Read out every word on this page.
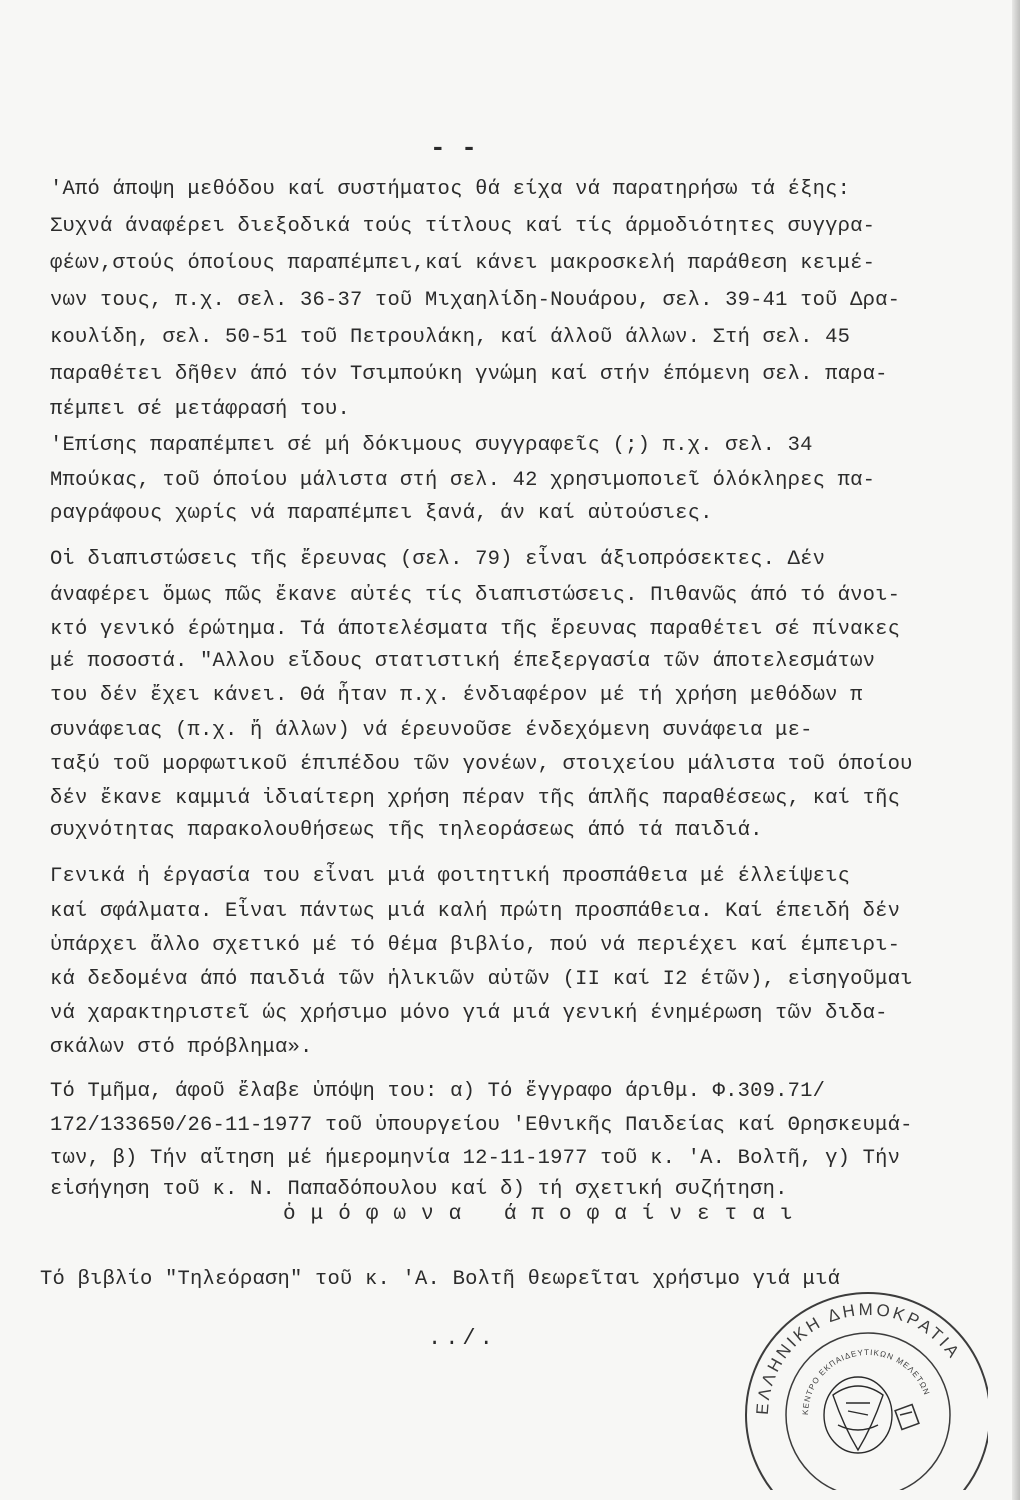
- -
'Από άποψη μεθόδου καί συστήματος θά είχα νά παρατηρήσω τά έξης:
Συχνά άναφέρει διεξοδικά τούς τίτλους καί τίς άρμοδιότητες συγγρα-
φέων,στούς όποίους παραπέμπει,καί κάνει μακροσκελή παράθεση κειμέ-
νων τους, π.χ. σελ. 36-37 τοῦ Μιχαηλίδη-Νουάρου, σελ. 39-41 τοῦ Δρα-
κουλίδη, σελ. 50-51 τοῦ Πετρουλάκη, καί άλλοῦ άλλων. Στή σελ. 45
παραθέτει δῆθεν άπό τόν Τσιμπούκη γνώμη καί στήν έπόμενη σελ. παρα-
πέμπει σέ μετάφρασή του.
'Επίσης παραπέμπει σέ μή δόκιμους συγγραφεῖς (;) π.χ. σελ. 34
Μπούκας, τοῦ όποίου μάλιστα στή σελ. 42 χρησιμοποιεῖ όλόκληρες πα-
ραγράφους χωρίς νά παραπέμπει ξανά, άν καί αὐτούσιες.
Οἱ διαπιστώσεις τῆς ἔρευνας (σελ. 79) εἶναι άξιοπρόσεκτες. Δέν
άναφέρει ὅμως πῶς ἔκανε αὐτές τίς διαπιστώσεις. Πιθανῶς άπό τό άνοι-
κτό γενικό έρώτημα. Τά άποτελέσματα τῆς ἔρευνας παραθέτει σέ πίνακες
μέ ποσοστά. "Αλλου εἴδους στατιστική έπεξεργασία τῶν άποτελεσμάτων
του δέν ἔχει κάνει. Θά ἦταν π.χ. ένδιαφέρον μέ τή χρήση μεθόδων π
συνάφειας (π.χ. ἤ άλλων) νά έρευνοῦσε ένδεχόμενη συνάφεια με-
ταξύ τοῦ μορφωτικοῦ έπιπέδου τῶν γονέων, στοιχείου μάλιστα τοῦ όποίου
δέν ἔκανε καμμιά ἰδιαίτερη χρήση πέραν τῆς άπλῆς παραθέσεως, καί τῆς
συχνότητας παρακολουθήσεως τῆς τηλεοράσεως άπό τά παιδιά.
Γενικά ἡ έργασία του εἶναι μιά φοιτητική προσπάθεια μέ έλλείψεις
καί σφάλματα. Εἶναι πάντως μιά καλή πρώτη προσπάθεια. Καί έπειδή δέν
ὑπάρχει ἄλλο σχετικό μέ τό θέμα βιβλίο, πού νά περιέχει καί έμπειρι-
κά δεδομένα άπό παιδιά τῶν ἡλικιῶν αὐτῶν (ΙΙ καί Ι2 έτῶν), εἰσηγοῦμαι
νά χαρακτηριστεῖ ώς χρήσιμο μόνο γιά μιά γενική ένημέρωση τῶν διδα-
σκάλων στό πρόβλημα».
Τό Τμῆμα, άφοῦ ἔλαβε ὑπόψη του: α) Τό ἔγγραφο άριθμ. Φ.309.71/
172/133650/26-11-1977 τοῦ ὑπουργείου 'Εθνικῆς Παιδείας καί Θρησκευμά-
των, β) Τήν αἴτηση μέ ήμερομηνία 12-11-1977 τοῦ κ. 'Α. Βολτῆ, γ) Τήν
εἰσήγηση τοῦ κ. Ν. Παπαδόπουλου καί δ) τή σχετική συζήτηση.
ὁμόφωνα άποφαίνεται
Τό βιβλίο "Τηλεόραση" τοῦ κ. 'Α. Βολτῆ θεωρεῖται χρήσιμο γιά μιά
../.
ΕΛΛΗΝΙΚΗ ΔΗΜΟΚΡΑΤΙΑ
ΚΕΝΤΡΟ ΕΚΠΑΙΔΕΥΤΙΚΩΝ ΜΕΛΕΤΩΝ
